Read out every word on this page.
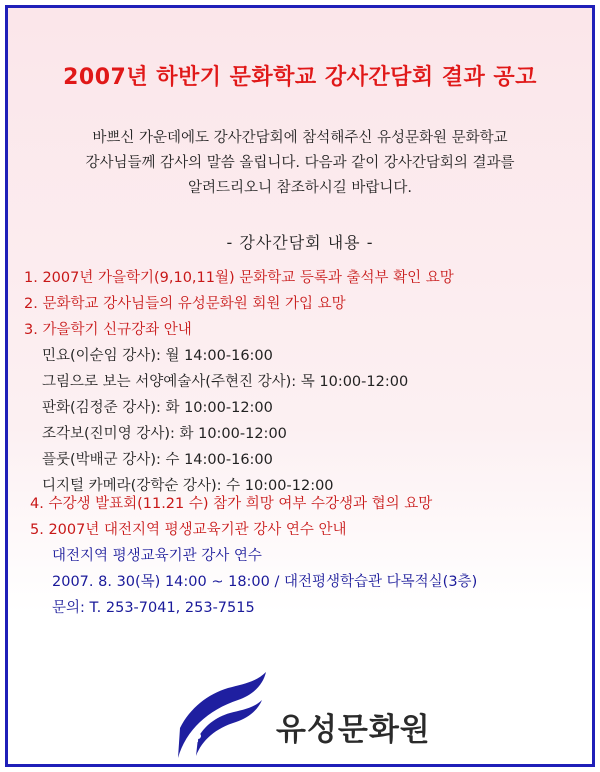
2007년 하반기 문화학교 강사간담회 결과 공고
바쁘신 가운데에도 강사간담회에 참석해주신 유성문화원 문화학교
강사님들께 감사의 말씀 올립니다. 다음과 같이 강사간담회의 결과를
알려드리오니 참조하시길 바랍니다.
- 강사간담회 내용 -
1. 2007년 가을학기(9,10,11월) 문화학교 등록과 출석부 확인 요망
2. 문화학교 강사님들의 유성문화원 회원 가입 요망
3. 가을학기 신규강좌 안내
민요(이순임 강사): 월 14:00-16:00
그림으로 보는 서양예술사(주현진 강사): 목 10:00-12:00
판화(김정준 강사): 화 10:00-12:00
조각보(진미영 강사): 화 10:00-12:00
플룻(박배군 강사): 수 14:00-16:00
디지털 카메라(강학순 강사): 수 10:00-12:00
4. 수강생 발표회(11.21 수) 참가 희망 여부 수강생과 협의 요망
5. 2007년 대전지역 평생교육기관 강사 연수 안내
대전지역 평생교육기관 강사 연수
2007. 8. 30(목) 14:00 ~ 18:00 / 대전평생학습관 다목적실(3층)
문의: T. 253-7041, 253-7515
유성문화원
